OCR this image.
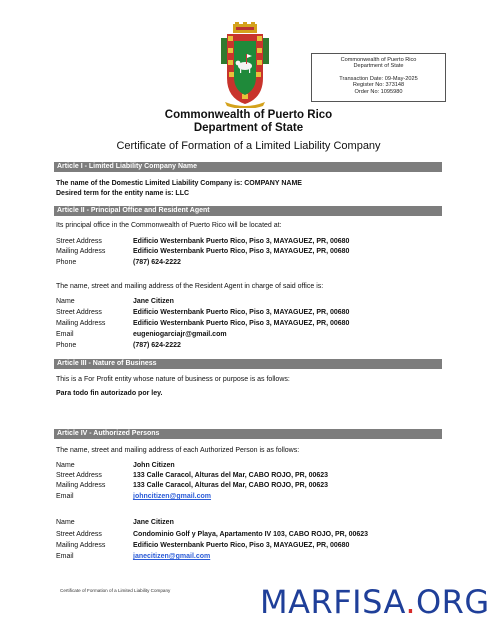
Commonwealth of Puerto Rico
Department of State
Transaction Date: 09-May-2025
Register No: 373148
Order No: 1095980
Commonwealth of Puerto Rico
Department of State
Certificate of Formation of a Limited Liability Company
Article I - Limited Liability Company Name
The name of the Domestic Limited Liability Company is: COMPANY NAME
Desired term for the entity name is: LLC
Article II - Principal Office and Resident Agent
Its principal office in the Commonwealth of Puerto Rico will be located at:
Street Address	Edificio Westernbank Puerto Rico, Piso 3, MAYAGUEZ, PR, 00680
Mailing Address	Edificio Westernbank Puerto Rico, Piso 3, MAYAGUEZ, PR, 00680
Phone	(787) 624-2222
The name, street and mailing address of the Resident Agent in charge of said office is:
Name	Jane Citizen
Street Address	Edificio Westernbank Puerto Rico, Piso 3, MAYAGUEZ, PR, 00680
Mailing Address	Edificio Westernbank Puerto Rico, Piso 3, MAYAGUEZ, PR, 00680
Email	eugeniogarciajr@gmail.com
Phone	(787) 624-2222
Article III - Nature of Business
This is a For Profit entity whose nature of business or purpose is as follows:
Para todo fin autorizado por ley.
Article IV - Authorized Persons
The name, street and mailing address of each Authorized Person is as follows:
Name	John Citizen
Street Address	133 Calle Caracol, Alturas del Mar, CABO ROJO, PR, 00623
Mailing Address	133 Calle Caracol, Alturas del Mar, CABO ROJO, PR, 00623
Email	johncitizen@gmail.com
Name	Jane Citizen
Street Address	Condominio Golf y Playa, Apartamento IV 103, CABO ROJO, PR, 00623
Mailing Address	Edificio Westernbank Puerto Rico, Piso 3, MAYAGUEZ, PR, 00680
Email	janecitizen@gmail.com
Certificate of Formation of a Limited Liability Company	MARFISA.ORG
